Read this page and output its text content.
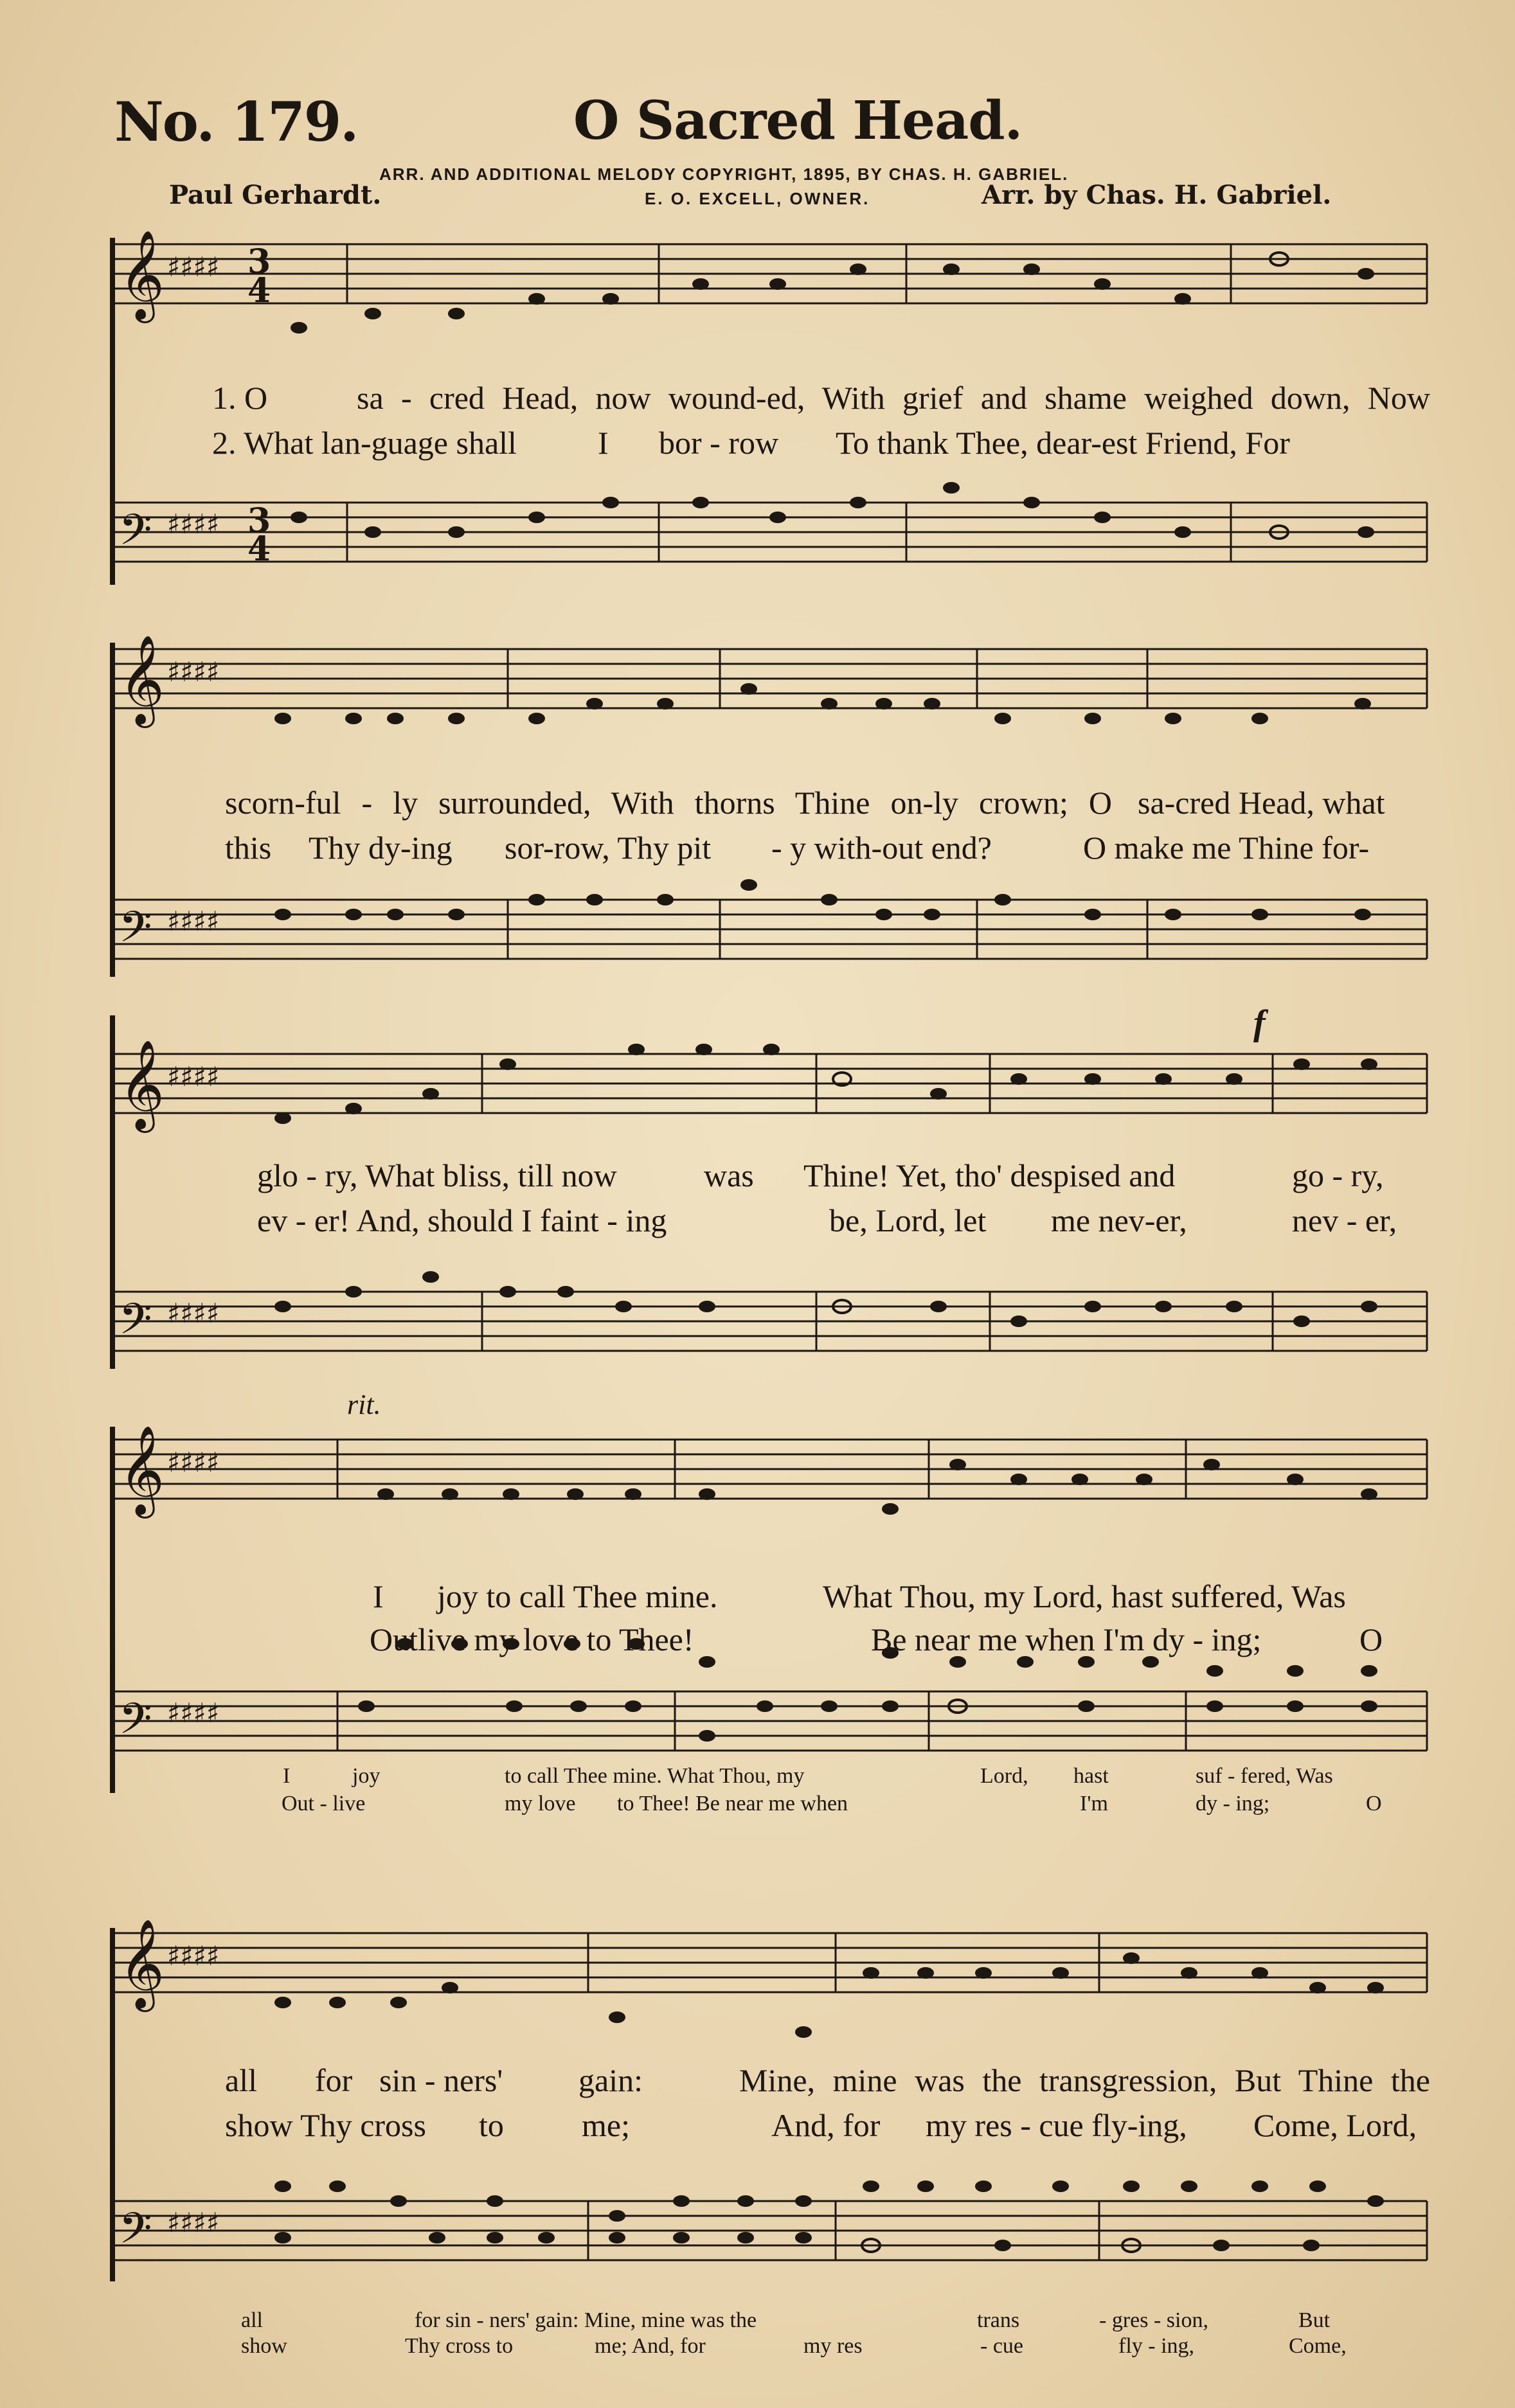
No. 179.	O Sacred Head.
ARR. AND ADDITIONAL MELODY COPYRIGHT, 1895, BY CHAS. H. GABRIEL.
E. O. EXCELL, OWNER.
Paul Gerhardt.	Arr. by Chas. H. Gabriel.
𝄞
𝄢
♯♯♯♯
♯♯♯♯
3
4
3
4

1. O

	sa - cred Head, now wound-ed, With grief and shame weighed down, Now

2. What lan-guage shall

	I

bor - row

To thank Thee, dear-est Friend, For

𝄞
𝄢
♯♯♯♯
♯♯♯♯

scorn-ful - ly surrounded, With thorns Thine on-ly crown; O

sa-cred Head, what

this

Thy dy-ing

sor-row, Thy pit

- y with-out end?

	O make me Thine for-

𝄞
𝄢
♯♯♯♯
♯♯♯♯
f

glo - ry, What bliss, till now

	was

Thine! Yet, tho' despised and

	go - ry,

ev - er! And, should I faint - ing

	be, Lord, let

me nev-er,

	nev - er,

rit.
𝄞
𝄢
♯♯♯♯
♯♯♯♯

I

joy to call Thee mine.

	What Thou, my Lord, hast suffered, Was

Outlive my love to Thee!

	Be near me when I'm dy - ing;

	O

I	joy	to call Thee mine. What Thou, my	Lord, hast	suf - fered, Was
Out - live	my love to Thee! Be near me when	I'm	dy - ing;	O
𝄞
𝄢
♯♯♯♯
♯♯♯♯

all

for

sin - ners'

gain:

	Mine, mine was the transgression, But Thine the

show Thy cross

to

me;

	And, for

my res - cue fly-ing,

Come, Lord,

all	for sin - ners' gain: Mine, mine was the	trans	- gres - sion,	But
show	Thy cross to	me; And, for	my res	- cue	fly - ing,	Come,
